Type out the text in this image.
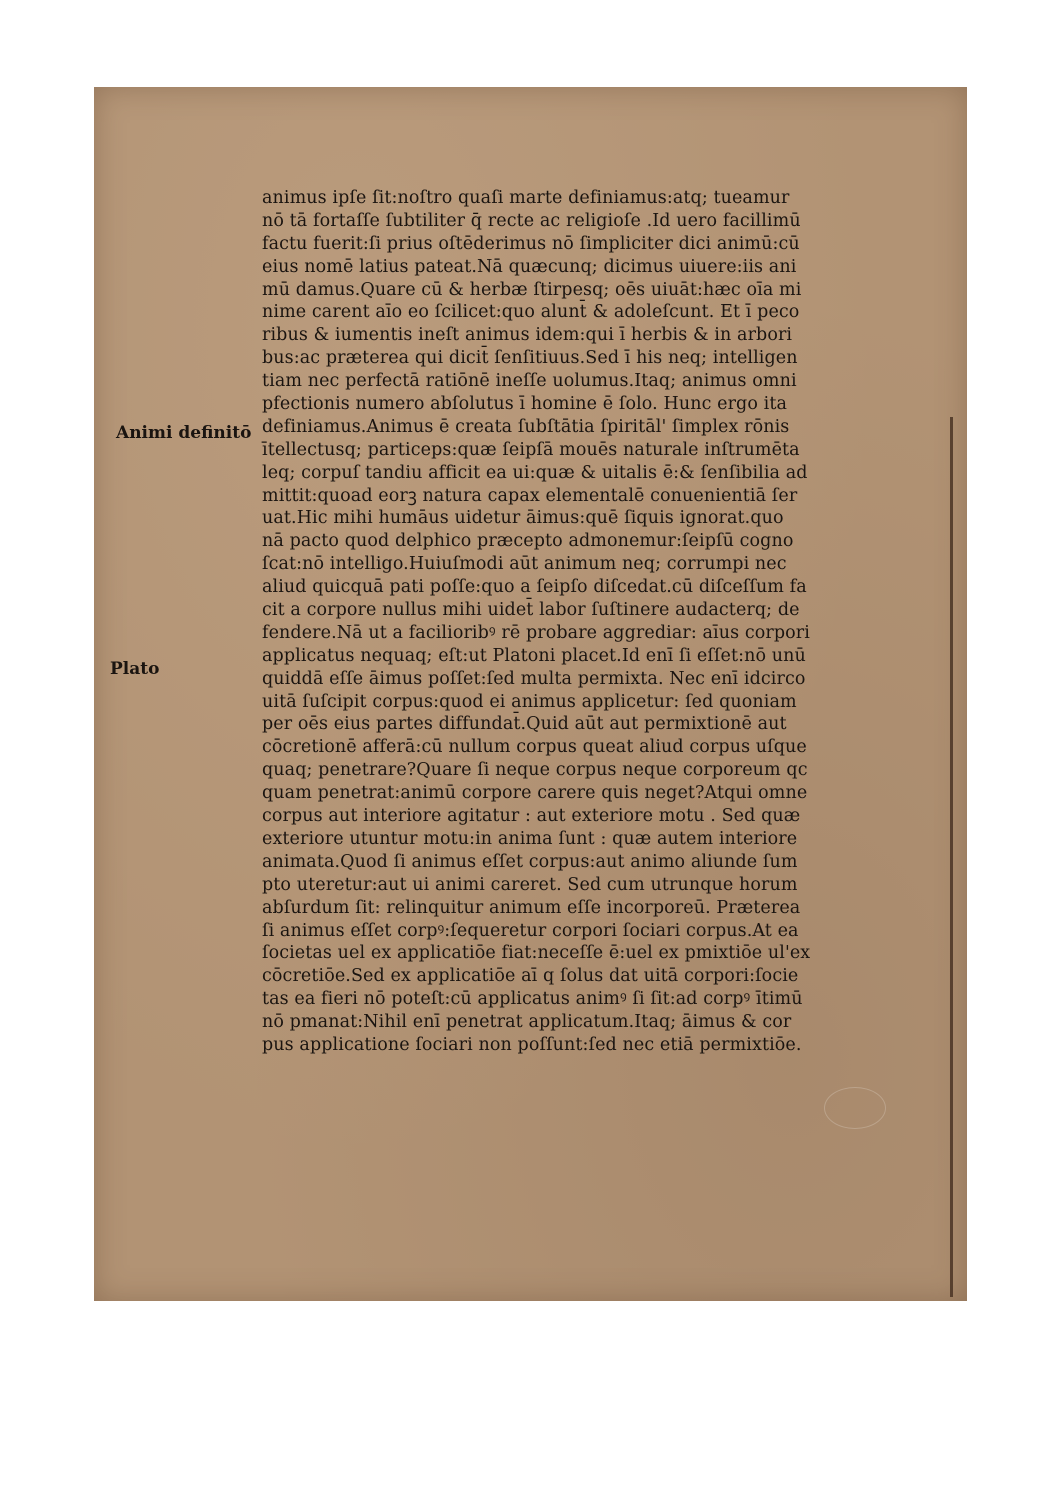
Animi definitō
Plato
animus ipſe ſit:noſtro quaſi marte definiamus:atq; tueamur
nō tā fortaſſe ſubtiliter q̄ recte ac religioſe .Id uero facillimū
factu fuerit:ſi prius oſtēderimus nō ſimpliciter dici animū:cū
eius nomē latius pateat.Nā quæcunq; dicimus uiuere:iis ani
mū damus.Quare cū & herbæ ſtirpesq; oēs uiuāt:hæc oīa mi
nime carent aīo eo ſcilicet:quo alunt̄ & adoleſcunt. Et ī peco
ribus & iumentis ineſt animus idem:qui ī herbis & in arbori
bus:ac præterea qui dicit̄ ſenſitiuus.Sed ī his neq; intelligen
tiam nec perfectā ratiōnē ineſſe uolumus.Itaq; animus omni
pfectionis numero abſolutus ī homine ē ſolo. Hunc ergo ita
definiamus.Animus ē creata ſubſtātia ſpiritāl' ſimplex rōnis
ītellectusq; particeps:quæ ſeipſā mouēs naturale inſtrumēta
leq; corpuſ tandiu afficit ea ui:quæ & uitalis ē:& ſenſibilia ad
mittit:quoad eorꝫ natura capax elementalē conuenientiā ſer
uat.Hic mihi humāus uidetur āimus:quē ſiquis ignorat.quo
nā pacto quod delphico præcepto admonemur:ſeipſū cogno
ſcat:nō intelligo.Huiuſmodi aūt animum neq; corrumpi nec
aliud quicquā pati poſſe:quo a ſeipſo diſcedat.cū diſceſſum fa
cit a corpore nullus mihi uidet̄ labor ſuſtinere audacterq; de
fendere.Nā ut a facilioribꝰ rē probare aggrediar: aīus corpori
applicatus nequaq; eſt:ut Platoni placet.Id enī ſi eſſet:nō unū
quiddā eſſe āimus poſſet:ſed multa permixta. Nec enī idcirco
uitā ſuſcipit corpus:quod ei animus applicetur: ſed quoniam
per oēs eius partes diffundat̄.Quid aūt aut permixtionē aut
cōcretionē afferā:cū nullum corpus queat aliud corpus uſque
quaq; penetrare?Quare ſi neque corpus neque corporeum qc
quam penetrat:animū corpore carere quis neget?Atqui omne
corpus aut interiore agitatur : aut exteriore motu . Sed quæ
exteriore utuntur motu:in anima ſunt : quæ autem interiore
animata.Quod ſi animus eſſet corpus:aut animo aliunde ſum
pto uteretur:aut ui animi careret. Sed cum utrunque horum
abſurdum ſit: relinquitur animum eſſe incorporeū. Præterea
ſi animus eſſet corpꝰ:ſequeretur corpori ſociari corpus.At ea
ſocietas uel ex applicatiōe fiat:neceſſe ē:uel ex pmixtiōe ul'ex
cōcretiōe.Sed ex applicatiōe aī q ſolus dat uitā corpori:ſocie
tas ea fieri nō poteſt:cū applicatus animꝰ ſi ſit:ad corpꝰ ītimū
nō pmanat:Nihil enī penetrat applicatum.Itaq; āimus & cor
pus applicatione ſociari non poſſunt:ſed nec etiā permixtiōe.
